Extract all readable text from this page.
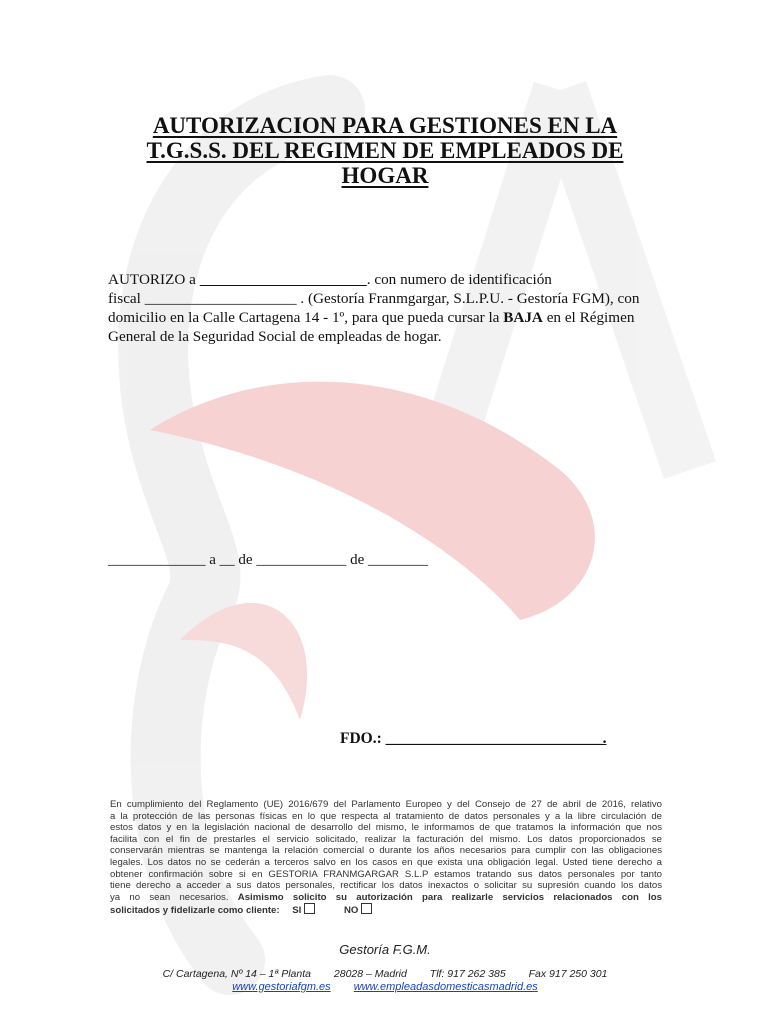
AUTORIZACION PARA GESTIONES EN LA
T.G.S.S. DEL REGIMEN DE EMPLEADOS DE
HOGAR
AUTORIZO a	. con numero de identificación
fiscal ____________________ . (Gestoría Franmgargar, S.L.P.U. - Gestoría FGM), con
domicilio en la Calle Cartagena 14 - 1º, para que pueda cursar la BAJA en el Régimen
General de la Seguridad Social de empleadas de hogar.
_____________ a __ de ____________ de ________
FDO.: ____________________________.
En cumplimiento del Reglamento (UE) 2016/679 del Parlamento Europeo y del Consejo de 27 de abril de 2016, relativo
a la protección de las personas físicas en lo que respecta al tratamiento de datos personales y a la libre circulación de
estos datos y en la legislación nacional de desarrollo del mismo, le informamos de que tratamos la información que nos
facilita con el fin de prestarles el servicio solicitado, realizar la facturación del mismo. Los datos proporcionados se
conservarán mientras se mantenga la relación comercial o durante los años necesarios para cumplir con las obligaciones
legales. Los datos no se cederán a terceros salvo en los casos en que exista una obligación legal. Usted tiene derecho a
obtener confirmación sobre si en GESTORIA FRANMGARGAR S.L.P estamos tratando sus datos personales por tanto
tiene derecho a acceder a sus datos personales, rectificar los datos inexactos o solicitar su supresión cuando los datos
ya no sean necesarios. Asimismo solicito su autorización para realizarle servicios relacionados con los
solicitados y fidelizarle como cliente: SI	NO
Gestoría F.G.M.
C/ Cartagena, Nº 14 – 1ª Planta 28028 – Madrid Tlf: 917 262 385 Fax 917 250 301
www.gestoriafgm.es www.empleadasdomesticasmadrid.es
